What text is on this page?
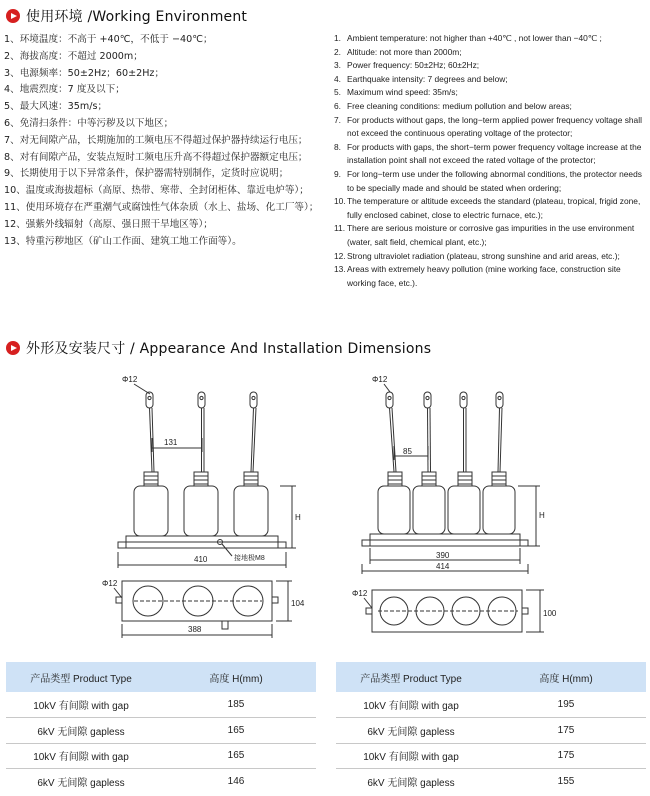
使用环境 /Working Environment
1、环境温度：不高于 +40℃，不低于 −40℃；
2、海拔高度：不超过 2000m；
3、电源频率：50±2Hz；60±2Hz；
4、地震烈度：7 度及以下；
5、最大风速：35m/s；
6、免清扫条件：中等污秽及以下地区；
7、对无间隙产品，长期施加的工频电压不得超过保护器持续运行电压；
8、对有间隙产品，安装点短时工频电压升高不得超过保护器额定电压；
9、长期使用于以下异常条件，保护器需特别制作，定货时应说明；
10、温度或海拔超标（高原、热带、寒带、全封闭柜体、靠近电炉等）；
11、使用环境存在严重潮气或腐蚀性气体杂质（水上、盐场、化工厂等）；
12、强紫外线辐射（高原、强日照干旱地区等）；
13、特重污秽地区（矿山工作面、建筑工地工作面等）。
1. Ambient temperature: not higher than +40℃ , not lower than −40℃ ;
2. Altitude: not more than 2000m;
3. Power frequency: 50±2Hz; 60±2Hz;
4. Earthquake intensity: 7 degrees and below;
5. Maximum wind speed: 35m/s;
6. Free cleaning conditions: medium pollution and below areas;
7. For products without gaps, the long−term applied power frequency voltage shall not exceed the continuous operating voltage of the protector;
8. For products with gaps, the short−term power frequency voltage increase at the installation point shall not exceed the rated voltage of the protector;
9. For long−term use under the following abnormal conditions, the protector needs to be specially made and should be stated when ordering;
10. The temperature or altitude exceeds the standard (plateau, tropical, frigid zone, fully enclosed cabinet, close to electric furnace, etc.);
11. There are serious moisture or corrosive gas impurities in the use environment (water, salt field, chemical plant, etc.);
12. Strong ultraviolet radiation (plateau, strong sunshine and arid areas, etc.);
13. Areas with extremely heavy pollution (mine working face, construction site working face, etc.).
外形及安装尺寸 / Appearance And Installation Dimensions
Φ12
131
H
410	接地极M8
Φ12
104
388
Φ12
85
H
390
414
Φ12
100
产品类型 Product Type	高度 H(mm)
10kV 有间隙 with gap	185
6kV 无间隙 gapless	165
10kV 有间隙 with gap	165
6kV 无间隙 gapless	146
产品类型 Product Type	高度 H(mm)
10kV 有间隙 with gap	195
6kV 无间隙 gapless	175
10kV 有间隙 with gap	175
6kV 无间隙 gapless	155
